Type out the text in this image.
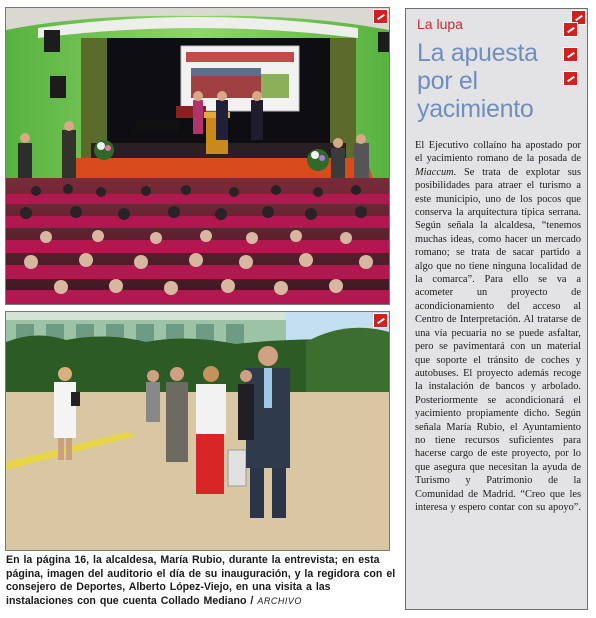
En la página 16, la alcaldesa, María Rubio, durante la entrevista; en esta página, imagen del auditorio el día de su inauguración, y la regidora con el consejero de Deportes, Alberto López-Viejo, en una visita a las instalaciones con que cuenta Collado Mediano / ARCHIVO

La lupa

La apuesta por el yacimiento

El Ejecutivo collaíno ha apostado por el yacimiento romano de la posada de Miaccum. Se trata de explotar sus posibilidades para atraer el turismo a este municipio, uno de los pocos que conserva la arquitectura típica serrana. Según señala la alcaldesa, “tenemos muchas ideas, como hacer un mercado romano; se trata de sacar partido a algo que no tiene ninguna localidad de la comarca”. Para ello se va a acometer un proyecto de acondicionamiento del acceso al Centro de Interpretación. Al tratarse de una vía pecuaria no se puede asfaltar, pero se pavimentará con un material que soporte el tránsito de coches y autobuses. El proyecto además recoge la instalación de bancos y arbolado. Posteriormente se acondicionará el yacimiento propiamente dicho. Según señala María Rubio, el Ayuntamiento no tiene recursos suficientes para hacerse cargo de este proyecto, por lo que asegura que necesitan la ayuda de Turismo y Patrimonio de la Comunidad de Madrid. “Creo que les interesa y espero contar con su apoyo”.
